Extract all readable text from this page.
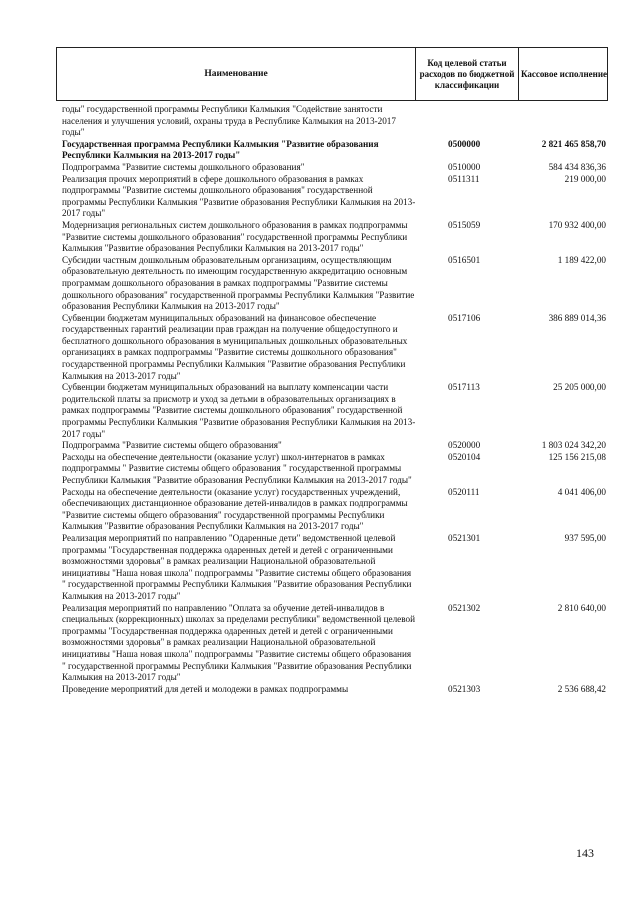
Наименование
Код целевой статьи расходов по бюджетной классификации
Кассовое исполнение
годы" государственной программы Республики Калмыкия "Содействие занятости населения и улучшения условий, охраны труда в Республике Калмыкия на 2013-2017 годы"
Государственная программа Республики Калмыкия "Развитие образования Республики Калмыкия на 2013-2017 годы"
0500000	2 821 465 858,70
Подпрограмма "Развитие системы дошкольного образования"	0510000	584 434 836,36
Реализация прочих мероприятий в сфере дошкольного образования в рамках подпрограммы "Развитие системы дошкольного образования" государственной программы Республики Калмыкия "Развитие образования Республики Калмыкия на 2013-2017 годы"
0511311	219 000,00
Модернизация региональных систем дошкольного образования в рамках подпрограммы "Развитие системы дошкольного образования" государственной программы Республики Калмыкия "Развитие образования Республики Калмыкия на 2013-2017 годы"
0515059	170 932 400,00
Субсидии частным дошкольным образовательным организациям, осуществляющим образовательную деятельность по имеющим государственную аккредитацию основным программам дошкольного образования в рамках подпрограммы "Развитие системы дошкольного образования" государственной программы Республики Калмыкия "Развитие образования Республики Калмыкия на 2013-2017 годы"
0516501	1 189 422,00
Субвенции бюджетам муниципальных образований на финансовое обеспечение государственных гарантий реализации прав граждан на получение общедоступного и бесплатного дошкольного образования в муниципальных дошкольных образовательных организациях в рамках подпрограммы "Развитие системы дошкольного образования" государственной программы Республики Калмыкия "Развитие образования Республики Калмыкия на 2013-2017 годы"
0517106	386 889 014,36
Субвенции бюджетам муниципальных образований на выплату компенсации части родительской платы за присмотр и уход за детьми в образовательных организациях в рамках подпрограммы "Развитие системы дошкольного образования" государственной программы Республики Калмыкия "Развитие образования Республики Калмыкия на 2013-2017 годы"
0517113	25 205 000,00
Подпрограмма "Развитие системы общего образования"	0520000	1 803 024 342,20
Расходы на обеспечение деятельности (оказание услуг) школ-интернатов в рамках подпрограммы " Развитие системы общего образования " государственной программы Республики Калмыкия "Развитие образования Республики Калмыкия на 2013-2017 годы"
0520104	125 156 215,08
Расходы на обеспечение деятельности (оказание услуг) государственных учреждений, обеспечивающих дистанционное образование детей-инвалидов в рамках подпрограммы "Развитие системы общего образования" государственной программы Республики Калмыкия "Развитие образования Республики Калмыкия на 2013-2017 годы"
0520111	4 041 406,00
Реализация мероприятий по направлению "Одаренные дети" ведомственной целевой программы "Государственная поддержка одаренных детей и детей с ограниченными возможностями здоровья" в рамках реализации Национальной образовательной инициативы "Наша новая школа" подпрограммы "Развитие системы общего образования " государственной программы Республики Калмыкия "Развитие образования Республики Калмыкия на 2013-2017 годы"
0521301	937 595,00
Реализация мероприятий по направлению "Оплата за обучение детей-инвалидов в специальных (коррекционных) школах за пределами республики" ведомственной целевой программы "Государственная поддержка одаренных детей и детей с ограниченными возможностями здоровья" в рамках реализации Национальной образовательной инициативы "Наша новая школа" подпрограммы "Развитие системы общего образования " государственной программы Республики Калмыкия "Развитие образования Республики Калмыкия на 2013-2017 годы"
0521302	2 810 640,00
Проведение мероприятий для детей и молодежи в рамках подпрограммы	0521303	2 536 688,42
143
